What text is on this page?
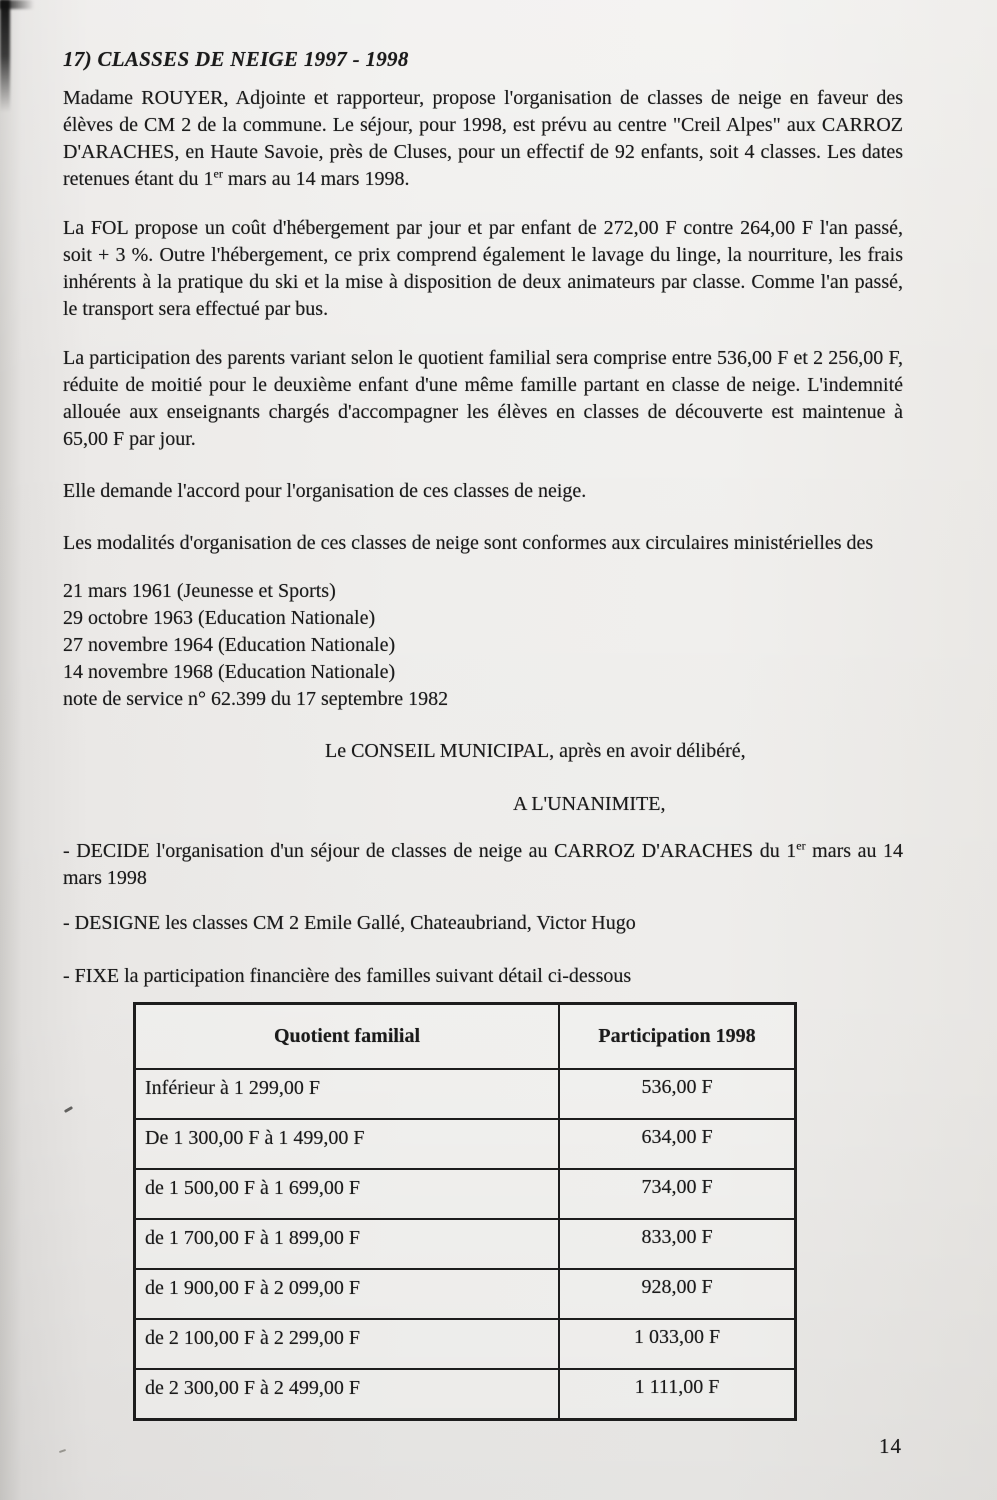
17) CLASSES DE NEIGE 1997 - 1998

Madame ROUYER, Adjointe et rapporteur, propose l'organisation de classes de neige en faveur des élèves de CM 2 de la commune. Le séjour, pour 1998, est prévu au centre "Creil Alpes" aux CARROZ D'ARACHES, en Haute Savoie, près de Cluses, pour un effectif de 92 enfants, soit 4 classes. Les dates retenues étant du 1er mars au 14 mars 1998.

La FOL propose un coût d'hébergement par jour et par enfant de 272,00 F contre 264,00 F l'an passé, soit + 3 %. Outre l'hébergement, ce prix comprend également le lavage du linge, la nourriture, les frais inhérents à la pratique du ski et la mise à disposition de deux animateurs par classe. Comme l'an passé, le transport sera effectué par bus.

La participation des parents variant selon le quotient familial sera comprise entre 536,00 F et 2 256,00 F, réduite de moitié pour le deuxième enfant d'une même famille partant en classe de neige. L'indemnité allouée aux enseignants chargés d'accompagner les élèves en classes de découverte est maintenue à 65,00 F par jour.

Elle demande l'accord pour l'organisation de ces classes de neige.

Les modalités d'organisation de ces classes de neige sont conformes aux circulaires ministérielles des

21 mars 1961 (Jeunesse et Sports)

29 octobre 1963 (Education Nationale)

27 novembre 1964 (Education Nationale)

14 novembre 1968 (Education Nationale)

note de service n° 62.399 du 17 septembre 1982

Le CONSEIL MUNICIPAL, après en avoir délibéré,

A L'UNANIMITE,

- DECIDE l'organisation d'un séjour de classes de neige au CARROZ D'ARACHES du 1er mars au 14 mars 1998

- DESIGNE les classes CM 2 Emile Gallé, Chateaubriand, Victor Hugo

- FIXE la participation financière des familles suivant détail ci-dessous

Quotient familial	Participation 1998
Inférieur à 1 299,00 F	536,00 F
De 1 300,00 F à 1 499,00 F	634,00 F
de 1 500,00 F à 1 699,00 F	734,00 F
de 1 700,00 F à 1 899,00 F	833,00 F
de 1 900,00 F à 2 099,00 F	928,00 F
de 2 100,00 F à 2 299,00 F	1 033,00 F
de 2 300,00 F à 2 499,00 F	1 111,00 F
14
